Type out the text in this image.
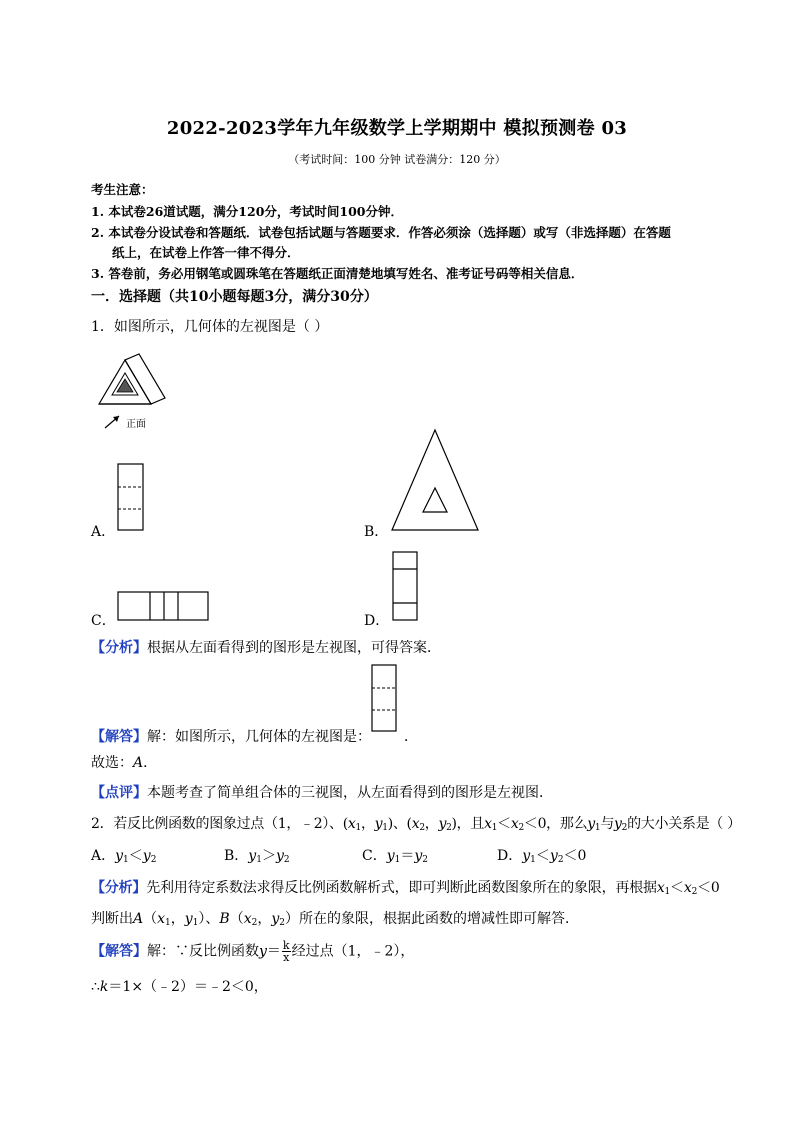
2022-2023学年九年级数学上学期期中 模拟预测卷 03
（考试时间：100 分钟 试卷满分：120 分）
考生注意：
1. 本试卷26道试题，满分120分，考试时间100分钟．
2. 本试卷分设试卷和答题纸．试卷包括试题与答题要求．作答必须涂（选择题）或写（非选择题）在答题
纸上，在试卷上作答一律不得分．
3. 答卷前，务必用钢笔或圆珠笔在答题纸正面清楚地填写姓名、准考证号码等相关信息．
一．选择题（共10小题每题3分，满分30分）
1．如图所示，几何体的左视图是（ ）
正面
A．	B．
C．	D．
【分析】根据从左面看得到的图形是左视图，可得答案．
【解答】解：如图所示，几何体的左视图是： ．
故选：A．
【点评】本题考查了简单组合体的三视图，从左面看得到的图形是左视图．
2．若反比例函数的图象过点（1，﹣2）、($x_1$，$y_1$)、($x_2$，$y_2$)，且$x_1<x_2<0$，那么$y_1$与$y_2$的大小关系是（ ）
A．$y_1<y_2$	B．$y_1>y_2$	C．$y_1=y_2$	D．$y_1<y_2<0$
【分析】先利用待定系数法求得反比例函数解析式，即可判断此函数图象所在的象限，再根据$x_1<x_2<0$
判断出$A(x_1$，$y_1$）、$B(x_2$，$y_2$）所在的象限，根据此函数的增减性即可解答．
【解答】解：∵反比例函数$y= \frac{k}{x}$ 经过点（1，﹣2），
∴k＝1×（﹣2）＝﹣2＜0，
